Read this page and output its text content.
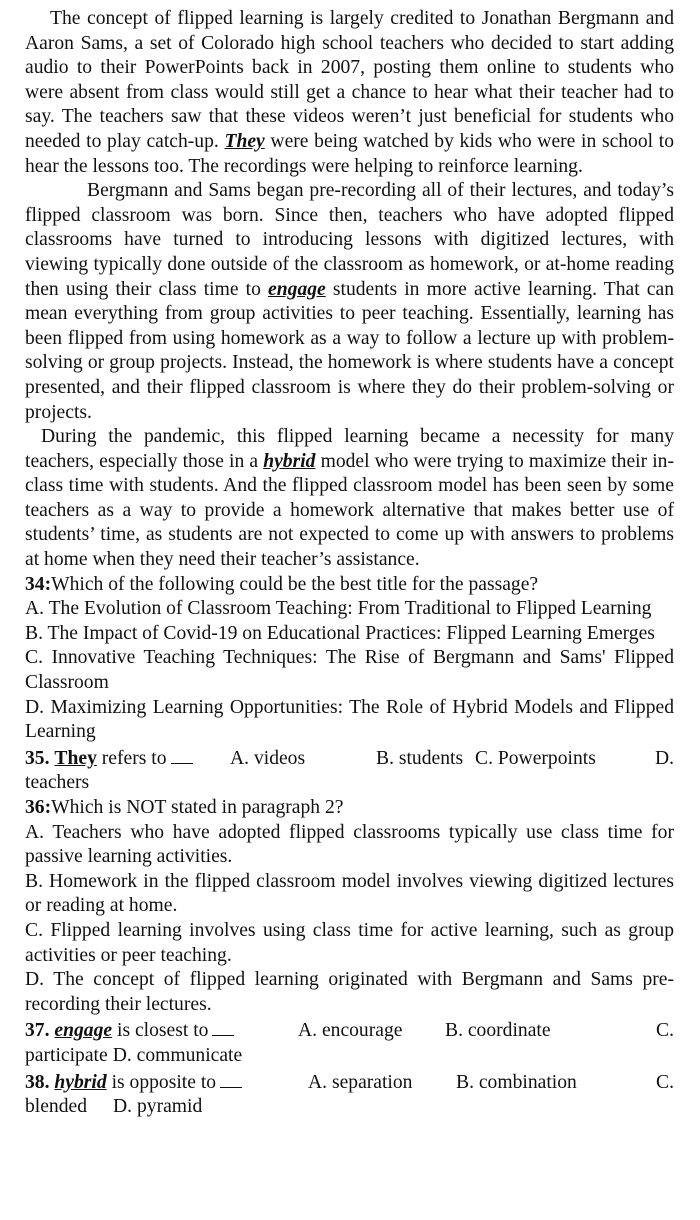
The concept of flipped learning is largely credited to Jonathan Bergmann and Aaron Sams, a set of Colorado high school teachers who decided to start adding audio to their PowerPoints back in 2007, posting them online to students who were absent from class would still get a chance to hear what their teacher had to say. The teachers saw that these videos weren’t just beneficial for students who needed to play catch-up. They were being watched by kids who were in school to hear the lessons too. The recordings were helping to reinforce learning.

Bergmann and Sams began pre-recording all of their lectures, and today’s flipped classroom was born. Since then, teachers who have adopted flipped classrooms have turned to introducing lessons with digitized lectures, with viewing typically done outside of the classroom as homework, or at-home reading then using their class time to engage students in more active learning. That can mean everything from group activities to peer teaching. Essentially, learning has been flipped from using homework as a way to follow a lecture up with problem-solving or group projects. Instead, the homework is where students have a concept presented, and their flipped classroom is where they do their problem-solving or projects.

During the pandemic, this flipped learning became a necessity for many teachers, especially those in a hybrid model who were trying to maximize their in-class time with students. And the flipped classroom model has been seen by some teachers as a way to provide a homework alternative that makes better use of students’ time, as students are not expected to come up with answers to problems at home when they need their teacher’s assistance.

34:Which of the following could be the best title for the passage?

A. The Evolution of Classroom Teaching: From Traditional to Flipped Learning

B. The Impact of Covid-19 on Educational Practices: Flipped Learning Emerges

C. Innovative Teaching Techniques: The Rise of Bergmann and Sams' Flipped Classroom

D. Maximizing Learning Opportunities: The Role of Hybrid Models and Flipped Learning

35. They refers to	A. videos	B. students C. Powerpoints	D.

teachers

36:Which is NOT stated in paragraph 2?

A. Teachers who have adopted flipped classrooms typically use class time for passive learning activities.

B. Homework in the flipped classroom model involves viewing digitized lectures or reading at home.

C. Flipped learning involves using class time for active learning, such as group activities or peer teaching.

D. The concept of flipped learning originated with Bergmann and Sams pre-recording their lectures.

37. engage is closest to	A. encourage	B. coordinate	C.
participate D. communicate
38. hybrid is opposite to	A. separation	B. combination	C.
blended D. pyramid
